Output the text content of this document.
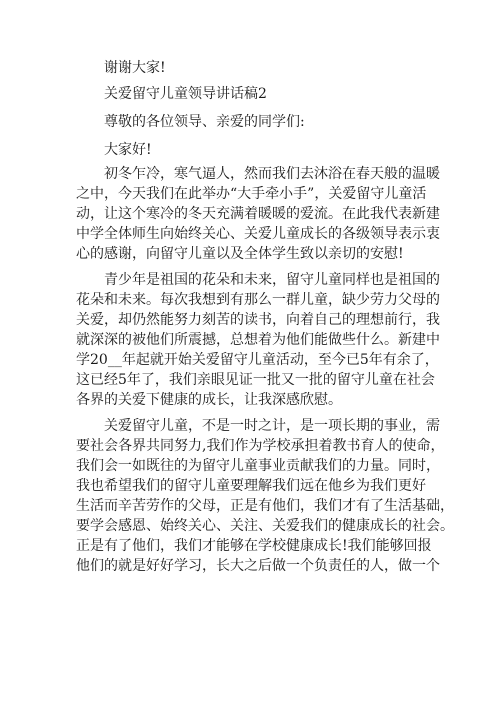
谢谢大家!

关爱留守儿童领导讲话稿2

尊敬的各位领导、亲爱的同学们:

大家好!

初冬乍冷，寒气逼人，然而我们去沐浴在春天般的温暖
之中，今天我们在此举办“大手牵小手”，关爱留守儿童活
动，让这个寒冷的冬天充满着暖暖的爱流。在此我代表新建
中学全体师生向始终关心、关爱儿童成长的各级领导表示衷
心的感谢，向留守儿童以及全体学生致以亲切的安慰!
青少年是祖国的花朵和未来，留守儿童同样也是祖国的
花朵和未来。每次我想到有那么一群儿童，缺少劳力父母的
关爱，却仍然能努力刻苦的读书，向着自己的理想前行，我
就深深的被他们所震撼，总想着为他们能做些什么。新建中
学20__年起就开始关爱留守儿童活动，至今已5年有余了，
这已经5年了，我们亲眼见证一批又一批的留守儿童在社会
各界的关爱下健康的成长，让我深感欣慰。
关爱留守儿童，不是一时之计，是一项长期的事业，需
要社会各界共同努力,我们作为学校承担着教书育人的使命，
我们会一如既往的为留守儿童事业贡献我们的力量。同时，
我也希望我们的留守儿童要理解我们远在他乡为我们更好
生活而辛苦劳作的父母，正是有他们，我们才有了生活基础，
要学会感恩、始终关心、关注、关爱我们的健康成长的社会。
正是有了他们，我们才能够在学校健康成长!我们能够回报
他们的就是好好学习，长大之后做一个负责任的人，做一个
